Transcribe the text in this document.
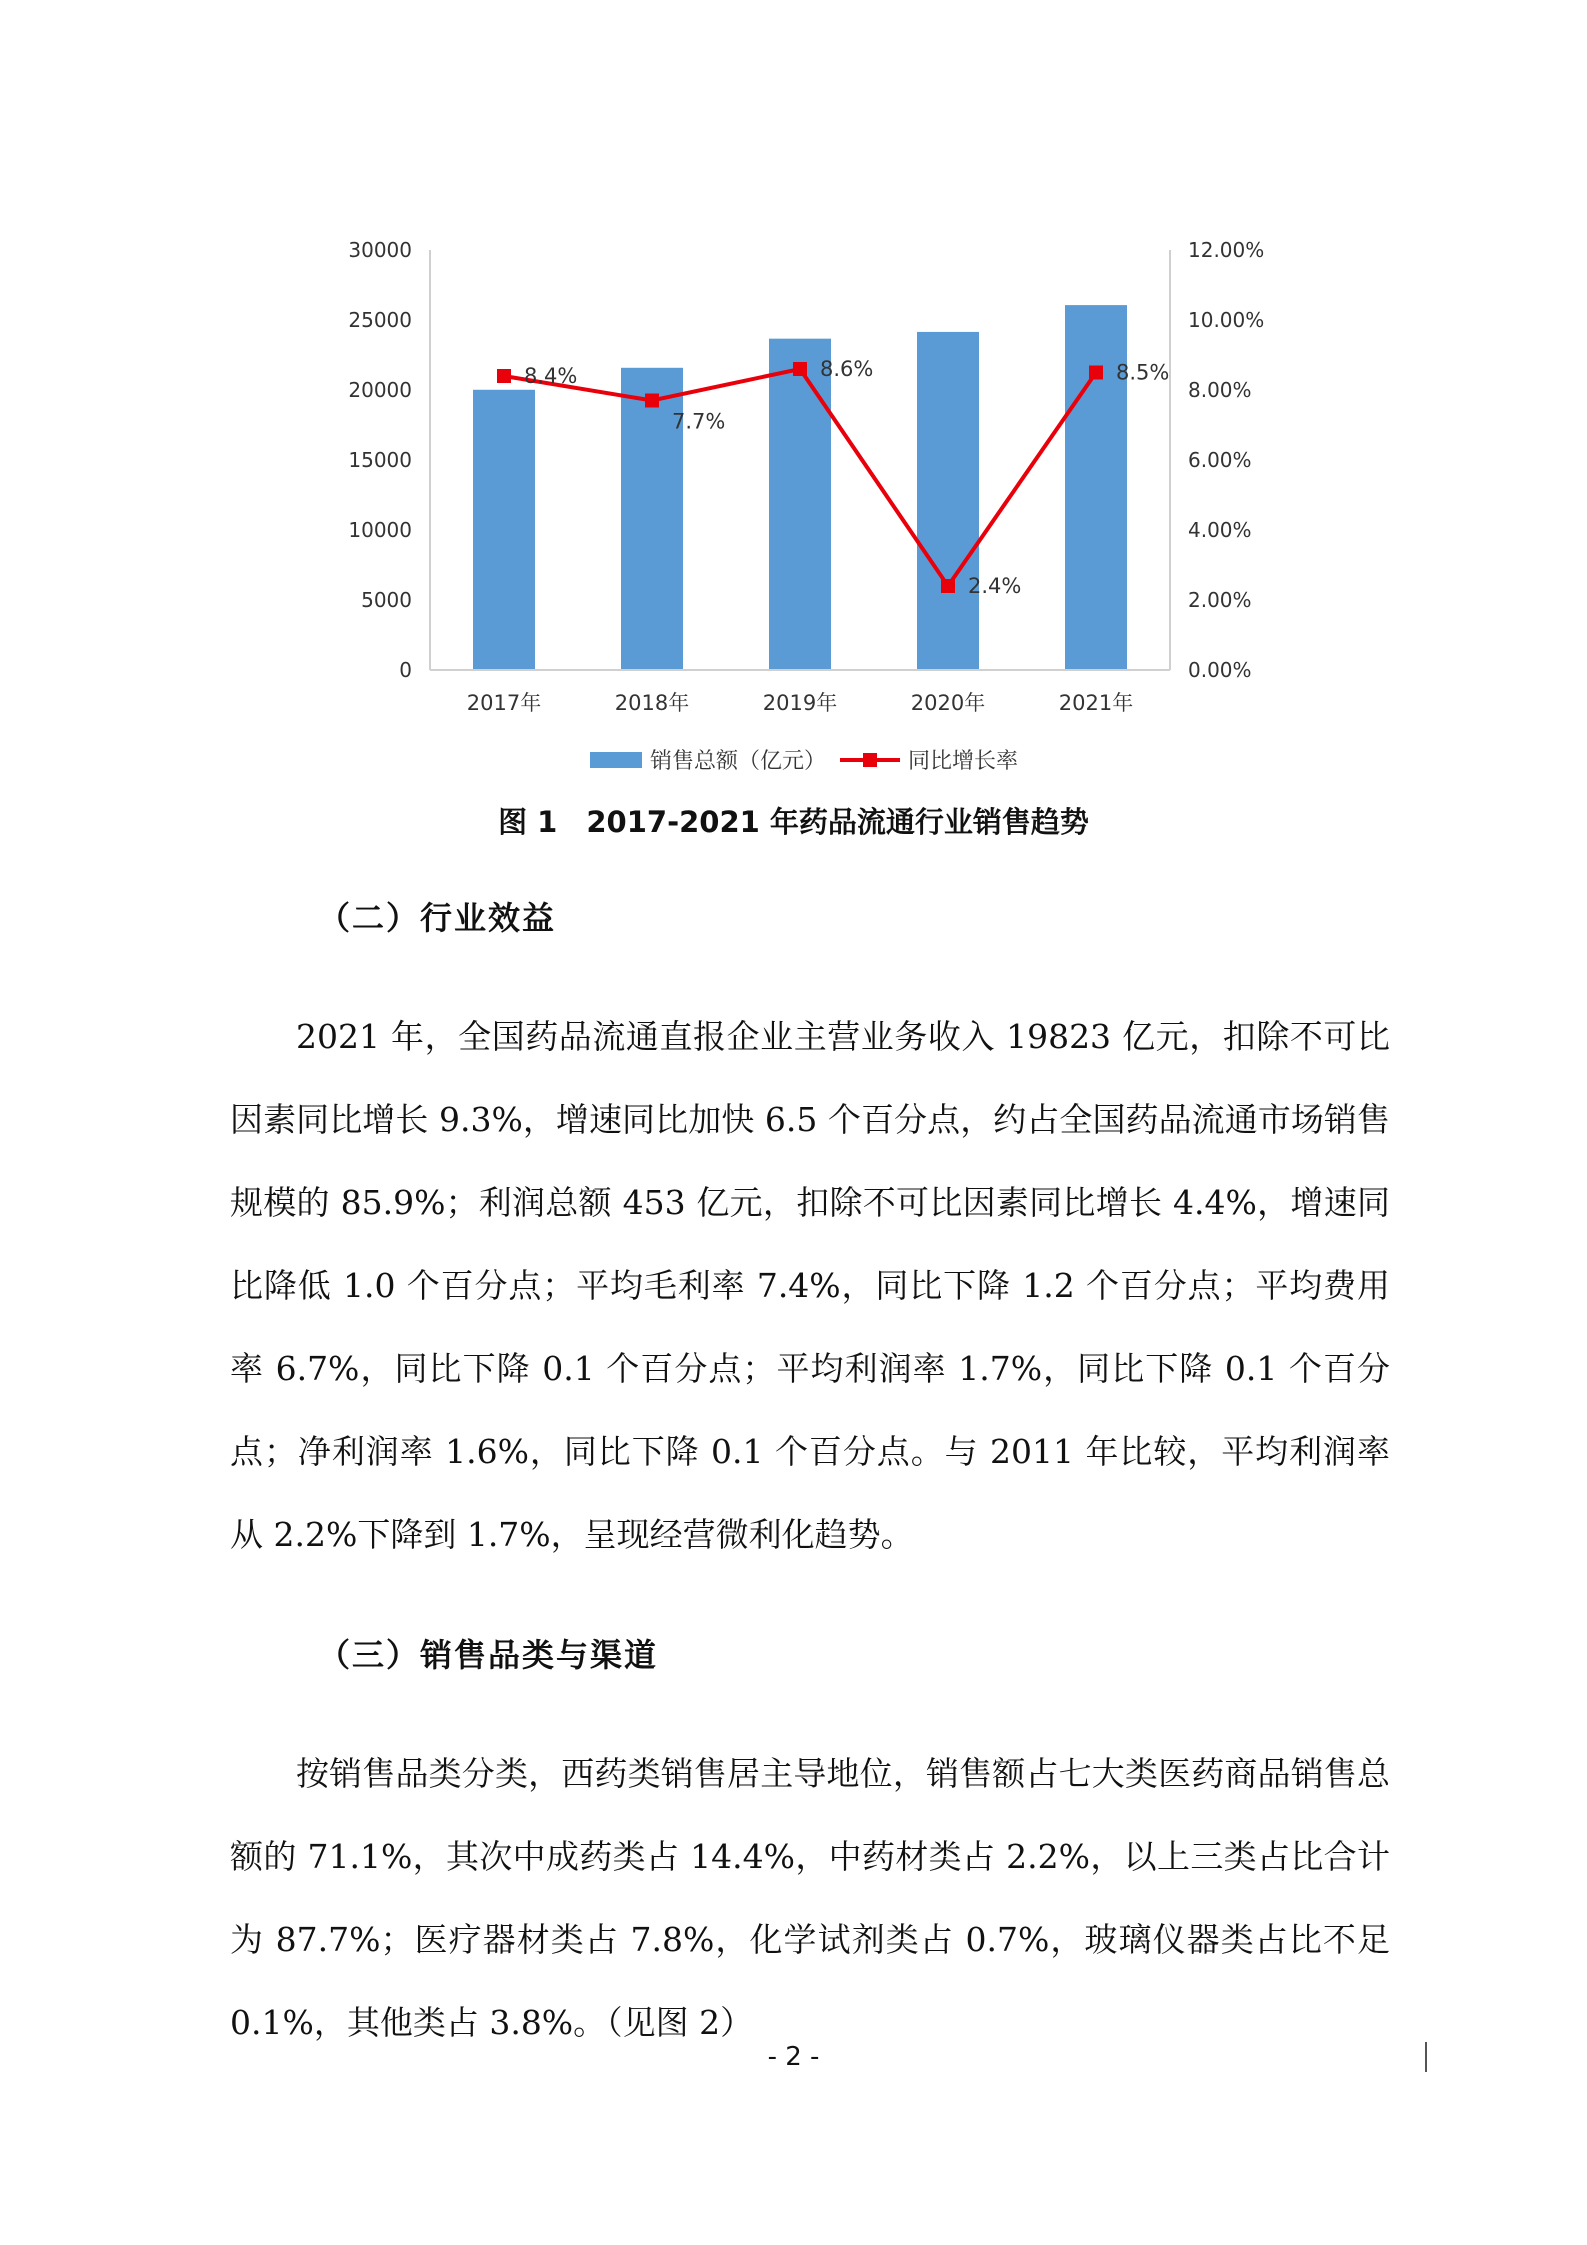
8.4%
7.7%
8.6%
2.4%
8.5%
0
5000
10000
15000
20000
25000
30000
0.00%
2.00%
4.00%
6.00%
8.00%
10.00%
12.00%
2017年	2018年	2019年	2020年	2021年
销售总额（亿元）	同比增长率
图 1　2017-2021 年药品流通行业销售趋势
（二）行业效益
2021 年，全国药品流通直报企业主营业务收入 19823 亿元，扣除不可比因素同比增长 9.3%，增速同比加快 6.5 个百分点，约占全国药品流通市场销售规模的 85.9%；利润总额 453 亿元，扣除不可比因素同比增长 4.4%，增速同比降低 1.0 个百分点；平均毛利率 7.4%，同比下降 1.2 个百分点；平均费用率 6.7%，同比下降 0.1 个百分点；平均利润率 1.7%，同比下降 0.1 个百分点；净利润率 1.6%，同比下降 0.1 个百分点。与 2011 年比较，平均利润率从 2.2%下降到 1.7%，呈现经营微利化趋势。
（三）销售品类与渠道
按销售品类分类，西药类销售居主导地位，销售额占七大类医药商品销售总额的 71.1%，其次中成药类占 14.4%，中药材类占 2.2%，以上三类占比合计为 87.7%；医疗器材类占 7.8%，化学试剂类占 0.7%，玻璃仪器类占比不足 0.1%，其他类占 3.8%。（见图 2）
- 2 -
